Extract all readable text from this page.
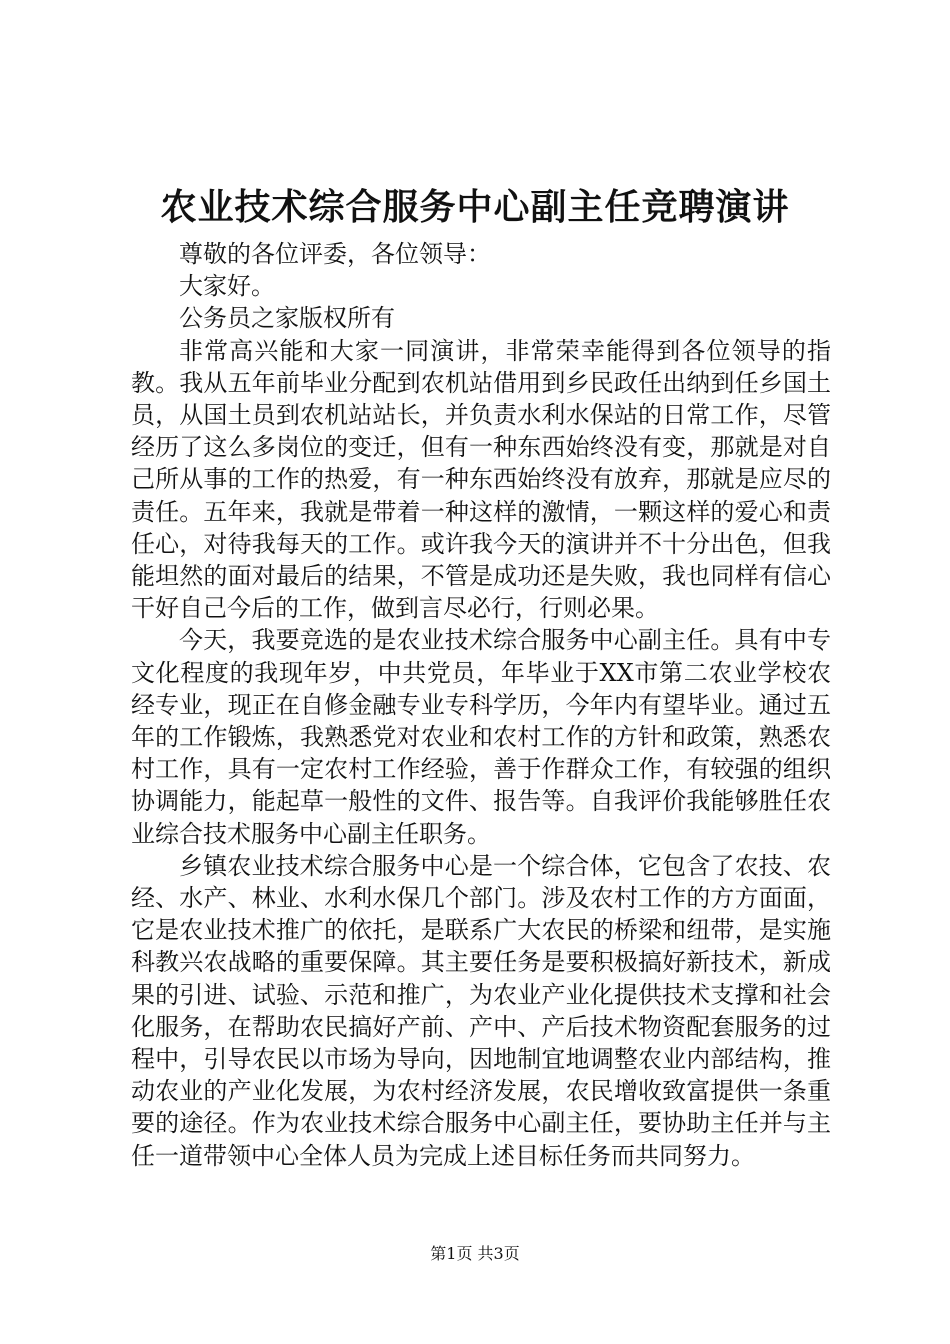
农业技术综合服务中心副主任竞聘演讲

尊敬的各位评委，各位领导：

大家好。

公务员之家版权所有

非常高兴能和大家一同演讲，非常荣幸能得到各位领导的指教。我从五年前毕业分配到农机站借用到乡民政任出纳到任乡国土员，从国土员到农机站站长，并负责水利水保站的日常工作，尽管经历了这么多岗位的变迁，但有一种东西始终没有变，那就是对自己所从事的工作的热爱，有一种东西始终没有放弃，那就是应尽的责任。五年来，我就是带着一种这样的激情，一颗这样的爱心和责任心，对待我每天的工作。或许我今天的演讲并不十分出色，但我能坦然的面对最后的结果，不管是成功还是失败，我也同样有信心干好自己今后的工作，做到言尽必行，行则必果。

今天，我要竞选的是农业技术综合服务中心副主任。具有中专文化程度的我现年岁，中共党员，年毕业于XX市第二农业学校农经专业，现正在自修金融专业专科学历，今年内有望毕业。通过五年的工作锻炼，我熟悉党对农业和农村工作的方针和政策，熟悉农村工作，具有一定农村工作经验，善于作群众工作，有较强的组织协调能力，能起草一般性的文件、报告等。自我评价我能够胜任农业综合技术服务中心副主任职务。

乡镇农业技术综合服务中心是一个综合体，它包含了农技、农经、水产、林业、水利水保几个部门。涉及农村工作的方方面面，它是农业技术推广的依托，是联系广大农民的桥梁和纽带，是实施科教兴农战略的重要保障。其主要任务是要积极搞好新技术，新成果的引进、试验、示范和推广，为农业产业化提供技术支撑和社会化服务，在帮助农民搞好产前、产中、产后技术物资配套服务的过程中，引导农民以市场为导向，因地制宜地调整农业内部结构，推动农业的产业化发展，为农村经济发展，农民增收致富提供一条重要的途径。作为农业技术综合服务中心副主任，要协助主任并与主任一道带领中心全体人员为完成上述目标任务而共同努力。

第1页 共3页
